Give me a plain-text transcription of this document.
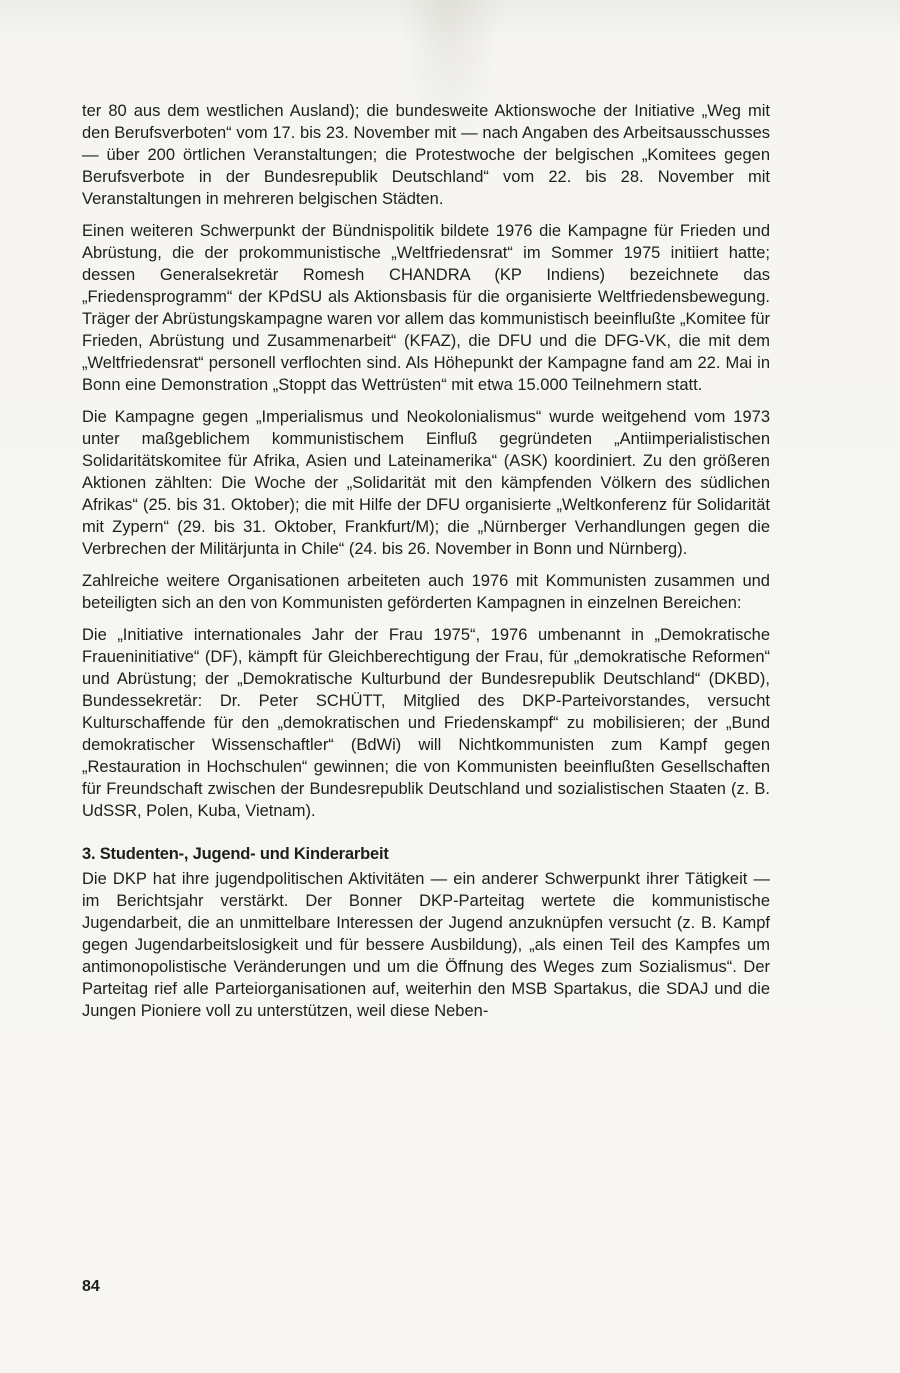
ter 80 aus dem westlichen Ausland); die bundesweite Aktionswoche der Initiative „Weg mit den Berufsverboten“ vom 17. bis 23. November mit — nach Angaben des Arbeitsausschusses — über 200 örtlichen Veranstaltungen; die Protestwoche der belgischen „Komitees gegen Berufsverbote in der Bundesrepublik Deutschland“ vom 22. bis 28. November mit Veranstaltungen in mehreren belgischen Städten.

Einen weiteren Schwerpunkt der Bündnispolitik bildete 1976 die Kampagne für Frieden und Abrüstung, die der prokommunistische „Weltfriedensrat“ im Sommer 1975 initiiert hatte; dessen Generalsekretär Romesh CHANDRA (KP Indiens) bezeichnete das „Friedensprogramm“ der KPdSU als Aktionsbasis für die organisierte Weltfriedensbewegung. Träger der Abrüstungskampagne waren vor allem das kommunistisch beeinflußte „Komitee für Frieden, Abrüstung und Zusammenarbeit“ (KFAZ), die DFU und die DFG-VK, die mit dem „Weltfriedensrat“ personell verflochten sind. Als Höhepunkt der Kampagne fand am 22. Mai in Bonn eine Demonstration „Stoppt das Wettrüsten“ mit etwa 15.000 Teilnehmern statt.

Die Kampagne gegen „Imperialismus und Neokolonialismus“ wurde weitgehend vom 1973 unter maßgeblichem kommunistischem Einfluß gegründeten „Antiimperialistischen Solidaritätskomitee für Afrika, Asien und Lateinamerika“ (ASK) koordiniert. Zu den größeren Aktionen zählten: Die Woche der „Solidarität mit den kämpfenden Völkern des südlichen Afrikas“ (25. bis 31. Oktober); die mit Hilfe der DFU organisierte „Weltkonferenz für Solidarität mit Zypern“ (29. bis 31. Oktober, Frankfurt/M); die „Nürnberger Verhandlungen gegen die Verbrechen der Militärjunta in Chile“ (24. bis 26. November in Bonn und Nürnberg).

Zahlreiche weitere Organisationen arbeiteten auch 1976 mit Kommunisten zusammen und beteiligten sich an den von Kommunisten geförderten Kampagnen in einzelnen Bereichen:

Die „Initiative internationales Jahr der Frau 1975“, 1976 umbenannt in „Demokratische Fraueninitiative“ (DF), kämpft für Gleichberechtigung der Frau, für „demokratische Reformen“ und Abrüstung; der „Demokratische Kulturbund der Bundesrepublik Deutschland“ (DKBD), Bundessekretär: Dr. Peter SCHÜTT, Mitglied des DKP-Parteivorstandes, versucht Kulturschaffende für den „demokratischen und Friedenskampf“ zu mobilisieren; der „Bund demokratischer Wissenschaftler“ (BdWi) will Nichtkommunisten zum Kampf gegen „Restauration in Hochschulen“ gewinnen; die von Kommunisten beeinflußten Gesellschaften für Freundschaft zwischen der Bundesrepublik Deutschland und sozialistischen Staaten (z. B. UdSSR, Polen, Kuba, Vietnam).

3. Studenten-, Jugend- und Kinderarbeit

Die DKP hat ihre jugendpolitischen Aktivitäten — ein anderer Schwerpunkt ihrer Tätigkeit — im Berichtsjahr verstärkt. Der Bonner DKP-Parteitag wertete die kommunistische Jugendarbeit, die an unmittelbare Interessen der Jugend anzuknüpfen versucht (z. B. Kampf gegen Jugendarbeitslosigkeit und für bessere Ausbildung), „als einen Teil des Kampfes um antimonopolistische Veränderungen und um die Öffnung des Weges zum Sozialismus“. Der Parteitag rief alle Parteiorganisationen auf, weiterhin den MSB Spartakus, die SDAJ und die Jungen Pioniere voll zu unterstützen, weil diese Neben-

84
